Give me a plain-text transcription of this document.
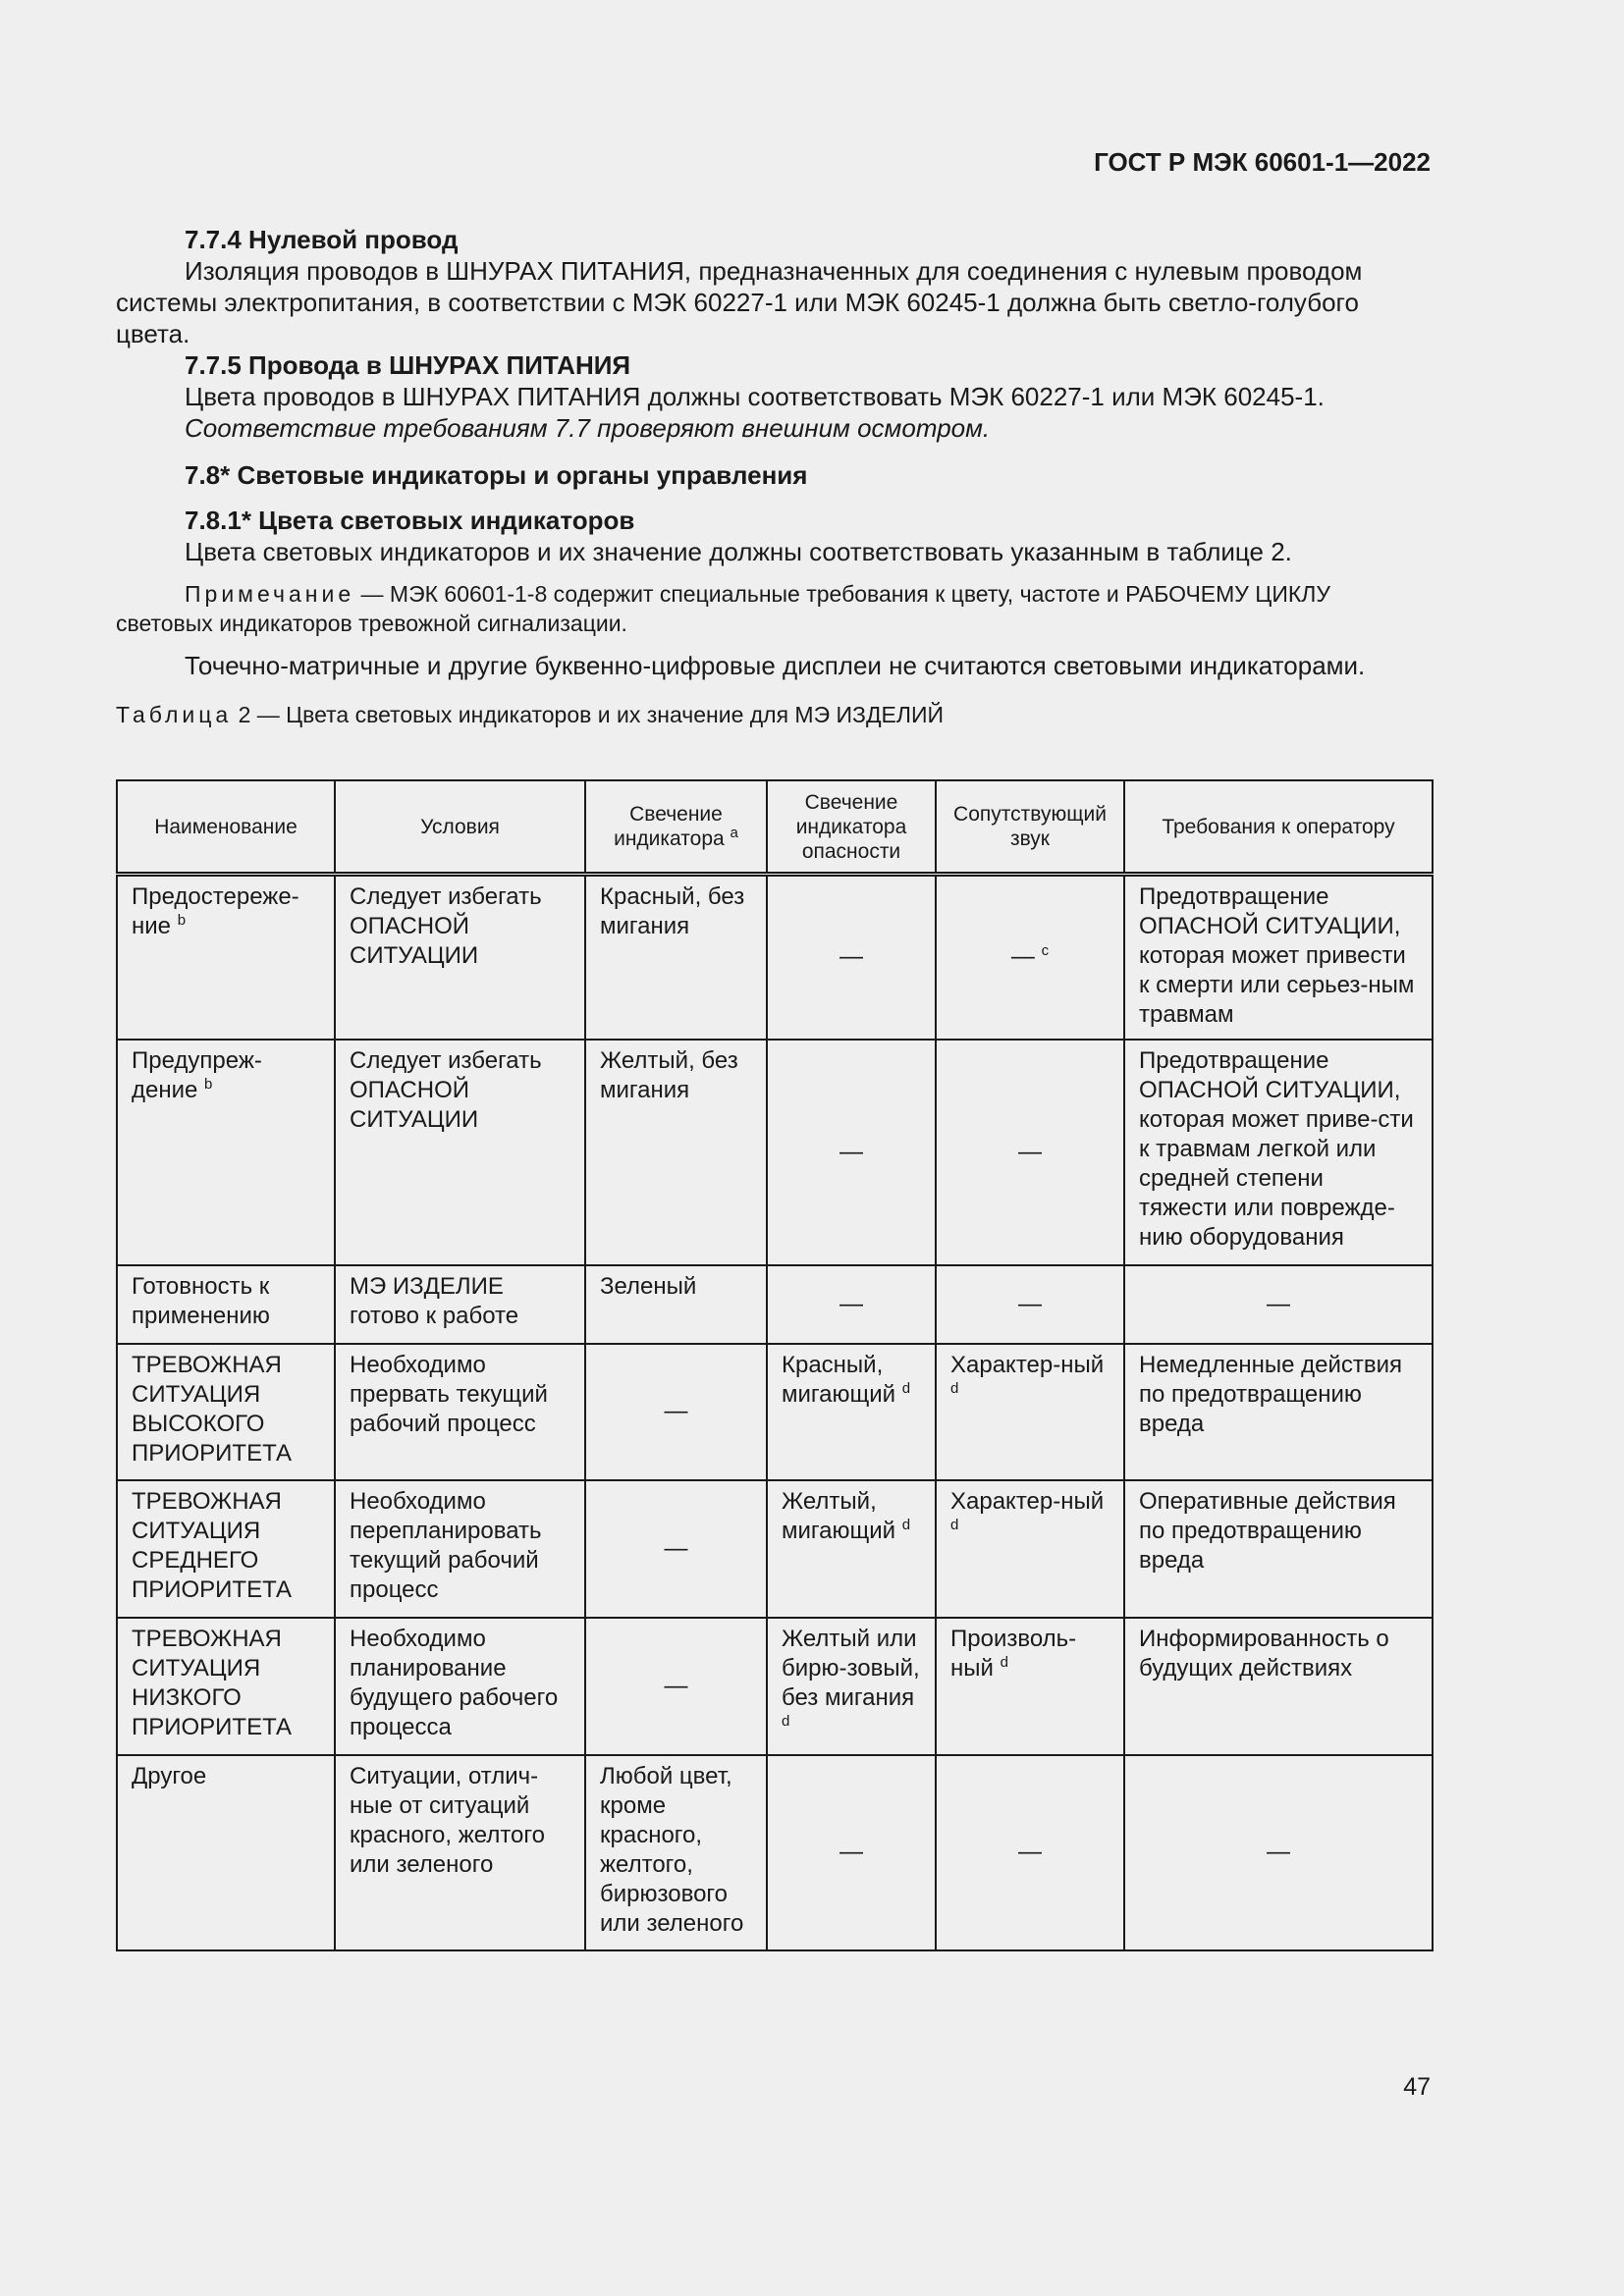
ГОСТ Р МЭК 60601-1—2022

7.7.4 Нулевой провод

Изоляция проводов в ШНУРАХ ПИТАНИЯ, предназначенных для соединения с нулевым проводом системы электропитания, в соответствии с МЭК 60227-1 или МЭК 60245-1 должна быть светло-голубого цвета.

7.7.5 Провода в ШНУРАХ ПИТАНИЯ

Цвета проводов в ШНУРАХ ПИТАНИЯ должны соответствовать МЭК 60227-1 или МЭК 60245-1.

Соответствие требованиям 7.7 проверяют внешним осмотром.

7.8* Световые индикаторы и органы управления

7.8.1* Цвета световых индикаторов

Цвета световых индикаторов и их значение должны соответствовать указанным в таблице 2.

Примечание — МЭК 60601-1-8 содержит специальные требования к цвету, частоте и РАБОЧЕМУ ЦИКЛУ световых индикаторов тревожной сигнализации.

Точечно-матричные и другие буквенно-цифровые дисплеи не считаются световыми индикаторами.

Таблица 2 — Цвета световых индикаторов и их значение для МЭ ИЗДЕЛИЙ

Наименование	Условия	Свечение индикатора $^a$	Свечение индикатора опасности	Сопутствующий звук	Требования к оператору
Предостереже-ние $^b$	Следует избегать ОПАСНОЙ СИТУАЦИИ	Красный, без мигания	—	— $^c$	Предотвращение ОПАСНОЙ СИТУАЦИИ, которая может привести к смерти или серьез-ным травмам
Предупреж-дение $^b$	Следует избегать ОПАСНОЙ СИТУАЦИИ	Желтый, без мигания	—	—	Предотвращение ОПАСНОЙ СИТУАЦИИ, которая может приве-сти к травмам легкой или средней степени тяжести или поврежде-нию оборудования
Готовность к применению	МЭ ИЗДЕЛИЕ готово к работе	Зеленый	—	—	—
ТРЕВОЖНАЯ СИТУАЦИЯ ВЫСОКОГО ПРИОРИТЕТА	Необходимо прервать текущий рабочий процесс	—	Красный, мигающий $^d$	Характер-ный $^d$	Немедленные действия по предотвращению вреда
ТРЕВОЖНАЯ СИТУАЦИЯ СРЕДНЕГО ПРИОРИТЕТА	Необходимо перепланировать текущий рабочий процесс	—	Желтый, мигающий $^d$	Характер-ный $^d$	Оперативные действия по предотвращению вреда
ТРЕВОЖНАЯ СИТУАЦИЯ НИЗКОГО ПРИОРИТЕТА	Необходимо планирование будущего рабочего процесса	—	Желтый или бирю-зовый, без мигания $^d$	Произволь-ный $^d$	Информированность о будущих действиях
Другое	Ситуации, отлич-ные от ситуаций красного, желтого или зеленого	Любой цвет, кроме красного, желтого, бирюзового или зеленого	—	—	—
47
